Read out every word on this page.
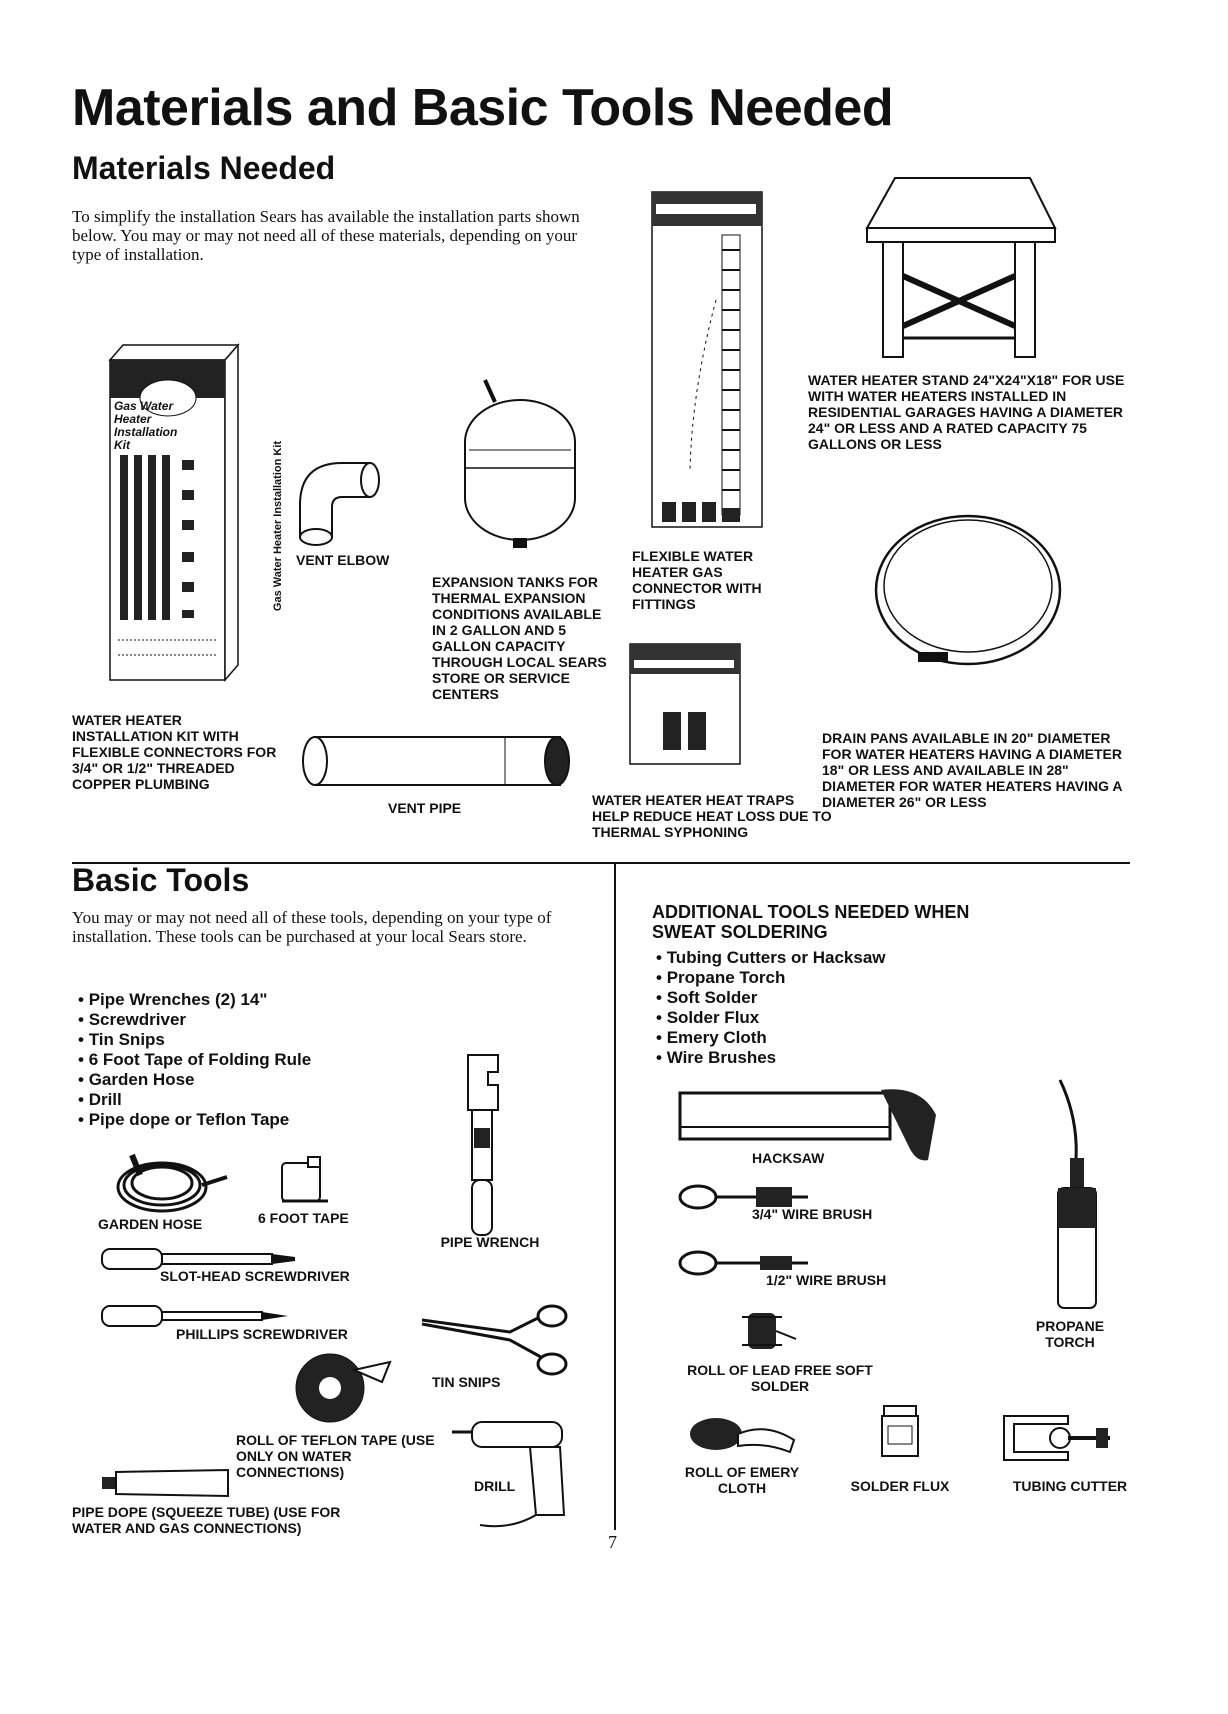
Materials and Basic Tools Needed
Materials Needed
To simplify the installation Sears has available the installation parts shown below. You may or may not need all of these materials, depending on your type of installation.
Gas Water Heater Installation Kit	Gas Water Heater Installation Kit
WATER HEATER INSTALLATION KIT WITH FLEXIBLE CONNECTORS FOR 3/4" OR 1/2" THREADED COPPER PLUMBING
VENT ELBOW
EXPANSION TANKS FOR THERMAL EXPANSION CONDITIONS AVAILABLE IN 2 GALLON AND 5 GALLON CAPACITY THROUGH LOCAL SEARS STORE OR SERVICE CENTERS
FLEXIBLE WATER HEATER GAS CONNECTOR WITH FITTINGS
WATER HEATER STAND 24"X24"X18" FOR USE WITH WATER HEATERS INSTALLED IN RESIDENTIAL GARAGES HAVING A DIAMETER 24" OR LESS AND A RATED CAPACITY 75 GALLONS OR LESS
DRAIN PANS AVAILABLE IN 20" DIAMETER FOR WATER HEATERS HAVING A DIAMETER 18" OR LESS AND AVAILABLE IN 28" DIAMETER FOR WATER HEATERS HAVING A DIAMETER 26" OR LESS
VENT PIPE	WATER HEATER HEAT TRAPS HELP REDUCE HEAT LOSS DUE TO THERMAL SYPHONING
Basic Tools
You may or may not need all of these tools, depending on your type of installation. These tools can be purchased at your local Sears store.
• Pipe Wrenches (2) 14"
• Screwdriver
• Tin Snips
• 6 Foot Tape of Folding Rule
• Garden Hose
• Drill
• Pipe dope or Teflon Tape
GARDEN HOSE	6 FOOT TAPE
PIPE WRENCH
SLOT-HEAD SCREWDRIVER
PHILLIPS SCREWDRIVER
TIN SNIPS
ROLL OF TEFLON TAPE (USE ONLY ON WATER CONNECTIONS)
DRILL
PIPE DOPE (SQUEEZE TUBE) (USE FOR WATER AND GAS CONNECTIONS)
7
ADDITIONAL TOOLS NEEDED WHEN SWEAT SOLDERING
• Tubing Cutters or Hacksaw
• Propane Torch
• Soft Solder
• Solder Flux
• Emery Cloth
• Wire Brushes
HACKSAW
3/4" WIRE BRUSH
1/2" WIRE BRUSH
PROPANE TORCH
ROLL OF LEAD FREE SOFT SOLDER
ROLL OF EMERY CLOTH	SOLDER FLUX	TUBING CUTTER
